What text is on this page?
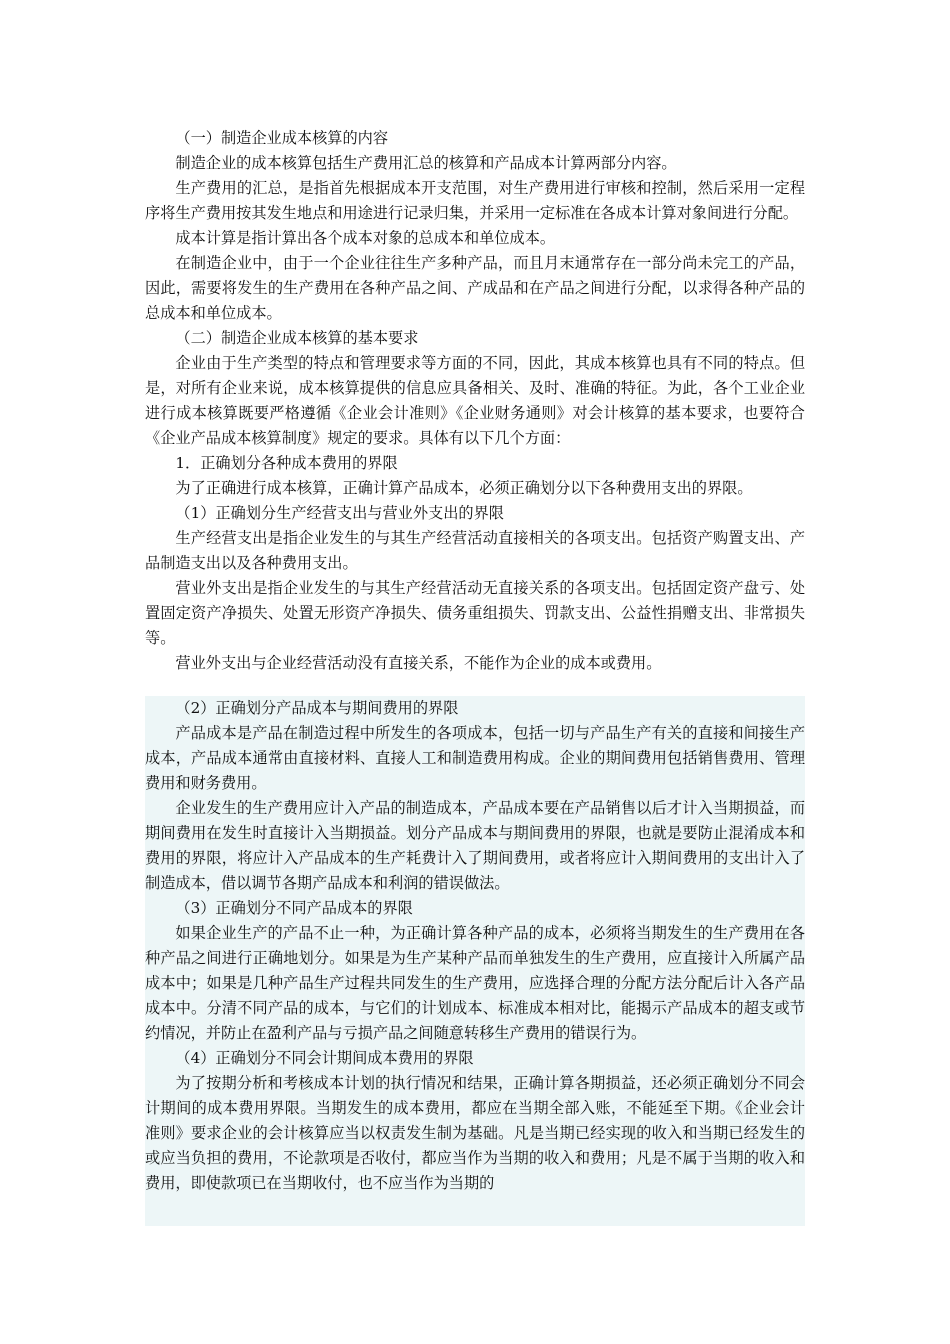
（一）制造企业成本核算的内容

制造企业的成本核算包括生产费用汇总的核算和产品成本计算两部分内容。

生产费用的汇总，是指首先根据成本开支范围，对生产费用进行审核和控制，然后采用一定程序将生产费用按其发生地点和用途进行记录归集，并采用一定标准在各成本计算对象间进行分配。

成本计算是指计算出各个成本对象的总成本和单位成本。

在制造企业中，由于一个企业往往生产多种产品，而且月末通常存在一部分尚未完工的产品，因此，需要将发生的生产费用在各种产品之间、产成品和在产品之间进行分配，以求得各种产品的总成本和单位成本。

（二）制造企业成本核算的基本要求

企业由于生产类型的特点和管理要求等方面的不同，因此，其成本核算也具有不同的特点。但是，对所有企业来说，成本核算提供的信息应具备相关、及时、准确的特征。为此，各个工业企业进行成本核算既要严格遵循《企业会计准则》《企业财务通则》对会计核算的基本要求，也要符合《企业产品成本核算制度》规定的要求。具体有以下几个方面：

1．正确划分各种成本费用的界限

为了正确进行成本核算，正确计算产品成本，必须正确划分以下各种费用支出的界限。

（1）正确划分生产经营支出与营业外支出的界限

生产经营支出是指企业发生的与其生产经营活动直接相关的各项支出。包括资产购置支出、产品制造支出以及各种费用支出。

营业外支出是指企业发生的与其生产经营活动无直接关系的各项支出。包括固定资产盘亏、处置固定资产净损失、处置无形资产净损失、债务重组损失、罚款支出、公益性捐赠支出、非常损失等。

营业外支出与企业经营活动没有直接关系，不能作为企业的成本或费用。

（2）正确划分产品成本与期间费用的界限

产品成本是产品在制造过程中所发生的各项成本，包括一切与产品生产有关的直接和间接生产成本，产品成本通常由直接材料、直接人工和制造费用构成。企业的期间费用包括销售费用、管理费用和财务费用。

企业发生的生产费用应计入产品的制造成本，产品成本要在产品销售以后才计入当期损益，而期间费用在发生时直接计入当期损益。划分产品成本与期间费用的界限，也就是要防止混淆成本和费用的界限，将应计入产品成本的生产耗费计入了期间费用，或者将应计入期间费用的支出计入了制造成本，借以调节各期产品成本和利润的错误做法。

（3）正确划分不同产品成本的界限

如果企业生产的产品不止一种，为正确计算各种产品的成本，必须将当期发生的生产费用在各种产品之间进行正确地划分。如果是为生产某种产品而单独发生的生产费用，应直接计入所属产品成本中；如果是几种产品生产过程共同发生的生产费用，应选择合理的分配方法分配后计入各产品成本中。分清不同产品的成本，与它们的计划成本、标准成本相对比，能揭示产品成本的超支或节约情况，并防止在盈利产品与亏损产品之间随意转移生产费用的错误行为。

（4）正确划分不同会计期间成本费用的界限

为了按期分析和考核成本计划的执行情况和结果，正确计算各期损益，还必须正确划分不同会计期间的成本费用界限。当期发生的成本费用，都应在当期全部入账，不能延至下期。《企业会计准则》要求企业的会计核算应当以权责发生制为基础。凡是当期已经实现的收入和当期已经发生的或应当负担的费用，不论款项是否收付，都应当作为当期的收入和费用；凡是不属于当期的收入和费用，即使款项已在当期收付，也不应当作为当期的
